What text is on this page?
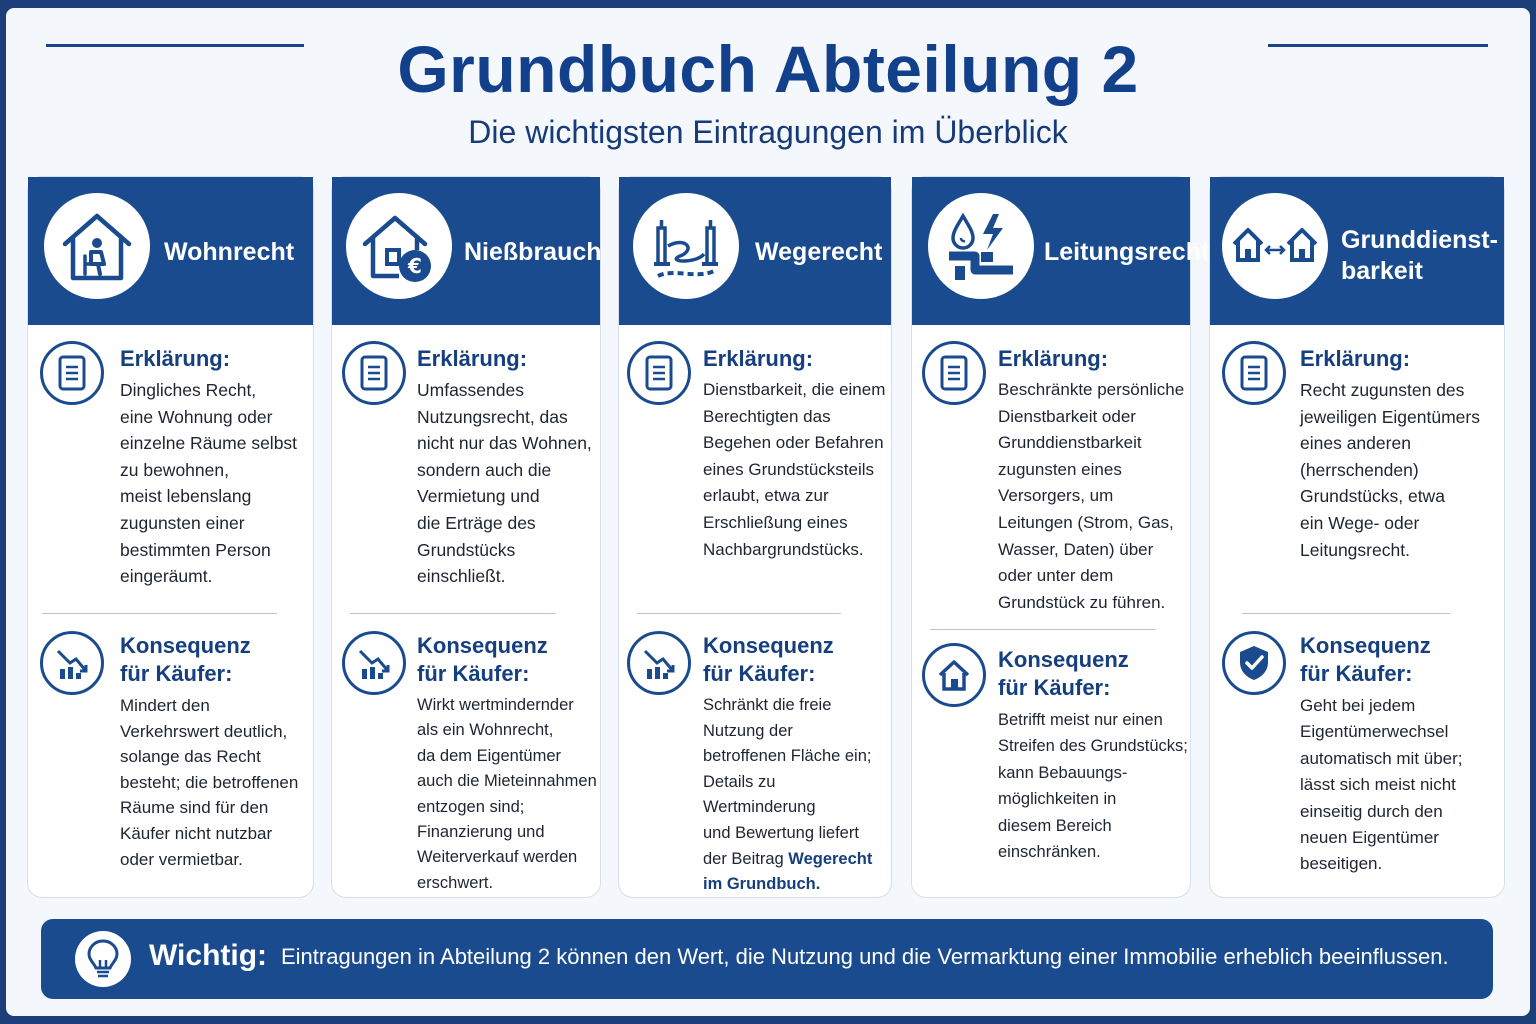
Grundbuch Abteilung 2
Die wichtigsten Eintragungen im Überblick
Wohnrecht
Erklärung:
Dingliches Recht,
eine Wohnung oder
einzelne Räume selbst
zu bewohnen,
meist lebenslang
zugunsten einer
bestimmten Person
eingeräumt.
Konsequenz
für Käufer:
Mindert den
Verkehrswert deutlich,
solange das Recht
besteht; die betroffenen
Räume sind für den
Käufer nicht nutzbar
oder vermietbar.
€ Nießbrauch
Erklärung:
Umfassendes
Nutzungsrecht, das
nicht nur das Wohnen,
sondern auch die
Vermietung und
die Erträge des
Grundstücks einschließt.
Konsequenz
für Käufer:
Wirkt wertmindernder
als ein Wohnrecht,
da dem Eigentümer
auch die Mieteinnahmen
entzogen sind;
Finanzierung und
Weiterverkauf werden
erschwert.
Wegerecht
Erklärung:
Dienstbarkeit, die einem
Berechtigten das
Begehen oder Befahren
eines Grundstücksteils
erlaubt, etwa zur
Erschließung eines
Nachbargrundstücks.
Konsequenz
für Käufer:
Schränkt die freie
Nutzung der
betroffenen Fläche ein;
Details zu Wertminderung
und Bewertung liefert
der Beitrag Wegerecht
im Grundbuch.
Leitungsrecht
Erklärung:
Beschränkte persönliche
Dienstbarkeit oder
Grunddienstbarkeit
zugunsten eines
Versorgers, um
Leitungen (Strom, Gas,
Wasser, Daten) über
oder unter dem
Grundstück zu führen.
Konsequenz
für Käufer:
Betrifft meist nur einen
Streifen des Grundstücks;
kann Bebauungs-
möglichkeiten in
diesem Bereich
einschränken.
Grunddienst-
barkeit
Erklärung:
Recht zugunsten des
jeweiligen Eigentümers
eines anderen
(herrschenden)
Grundstücks, etwa
ein Wege- oder
Leitungsrecht.
Konsequenz
für Käufer:
Geht bei jedem
Eigentümerwechsel
automatisch mit über;
lässt sich meist nicht
einseitig durch den
neuen Eigentümer
beseitigen.
Wichtig: Eintragungen in Abteilung 2 können den Wert, die Nutzung und die Vermarktung einer Immobilie erheblich beeinflussen.
